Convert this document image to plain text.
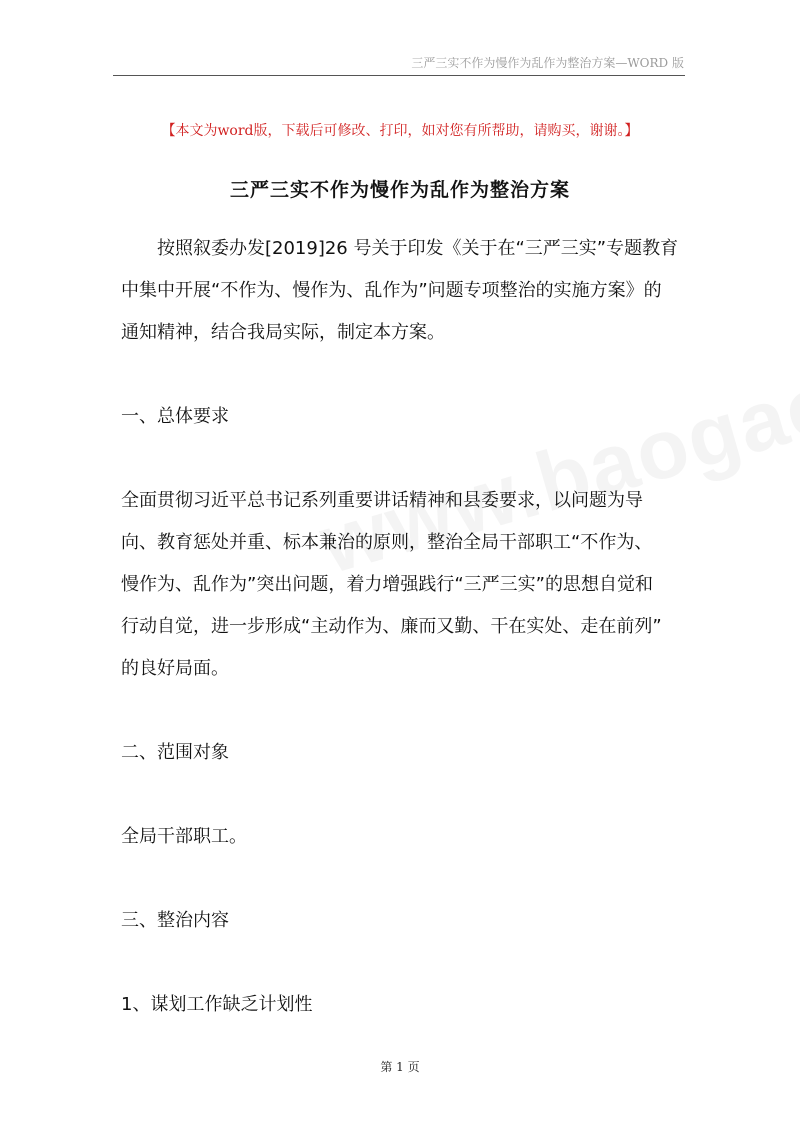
三严三实不作为慢作为乱作为整治方案—WORD 版
【本文为word版，下载后可修改、打印，如对您有所帮助，请购买，谢谢。】
三严三实不作为慢作为乱作为整治方案
按照叙委办发[2019]26 号关于印发《关于在“三严三实”专题教育
中集中开展“不作为、慢作为、乱作为”问题专项整治的实施方案》的
通知精神，结合我局实际，制定本方案。
一、总体要求
全面贯彻习近平总书记系列重要讲话精神和县委要求，以问题为导
向、教育惩处并重、标本兼治的原则，整治全局干部职工“不作为、
慢作为、乱作为”突出问题，着力增强践行“三严三实”的思想自觉和
行动自觉，进一步形成“主动作为、廉而又勤、干在实处、走在前列”
的良好局面。
二、范围对象
全局干部职工。
三、整治内容
1、谋划工作缺乏计划性
第 1 页
